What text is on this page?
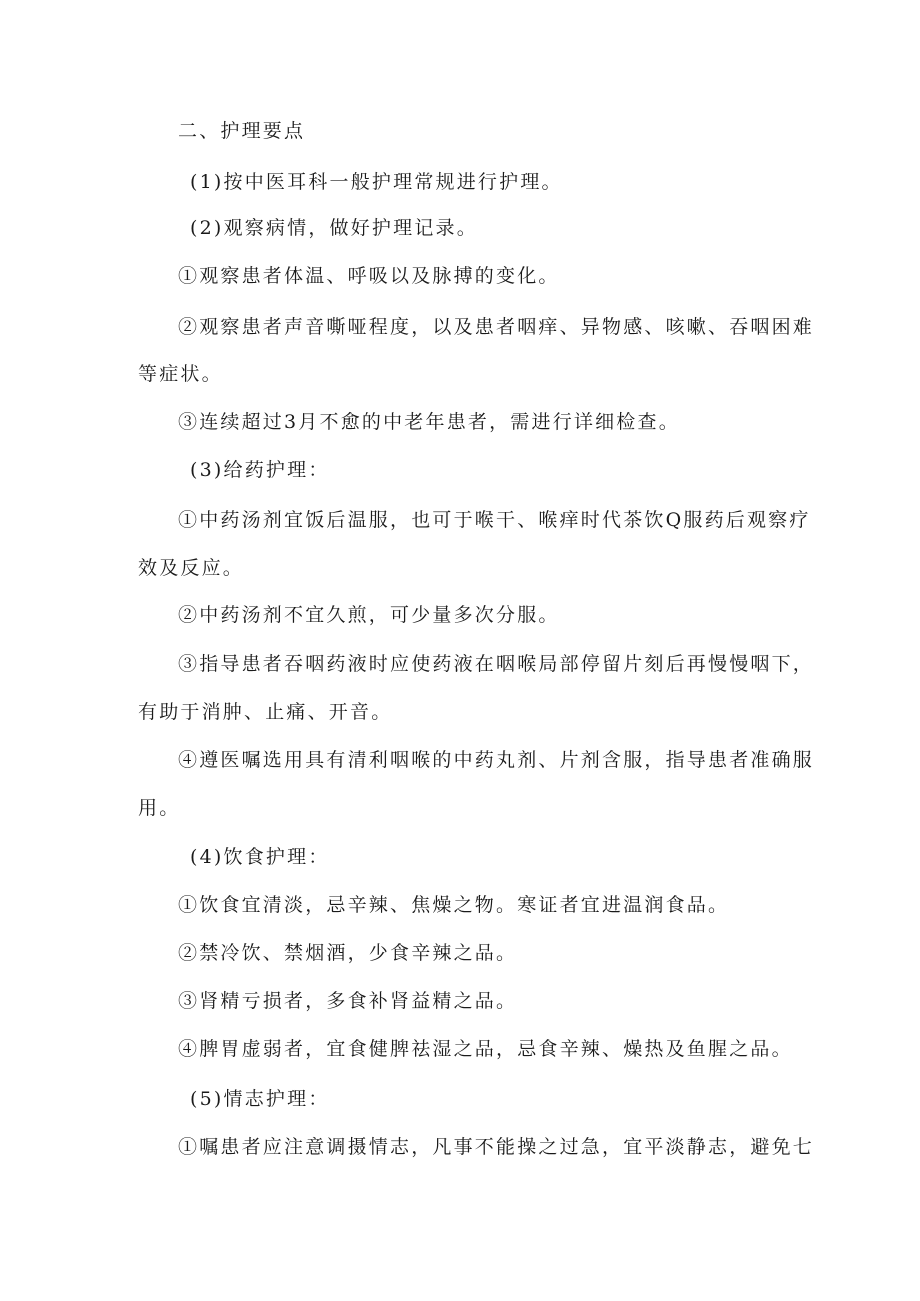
二、护理要点

(1)按中医耳科一般护理常规进行护理。

(2)观察病情，做好护理记录。

①观察患者体温、呼吸以及脉搏的变化。

②观察患者声音嘶哑程度，以及患者咽痒、异物感、咳嗽、吞咽困难

等症状。

③连续超过3月不愈的中老年患者，需进行详细检查。

(3)给药护理：

①中药汤剂宜饭后温服，也可于喉干、喉痒时代茶饮Q服药后观察疗

效及反应。

②中药汤剂不宜久煎，可少量多次分服。

③指导患者吞咽药液时应使药液在咽喉局部停留片刻后再慢慢咽下，

有助于消肿、止痛、开音。

④遵医嘱选用具有清利咽喉的中药丸剂、片剂含服，指导患者准确服

用。

(4)饮食护理：

①饮食宜清淡，忌辛辣、焦燥之物。寒证者宜进温润食品。

②禁冷饮、禁烟酒，少食辛辣之品。

③肾精亏损者，多食补肾益精之品。

④脾胃虚弱者，宜食健脾祛湿之品，忌食辛辣、燥热及鱼腥之品。

(5)情志护理：

①嘱患者应注意调摄情志，凡事不能操之过急，宜平淡静志，避免七
